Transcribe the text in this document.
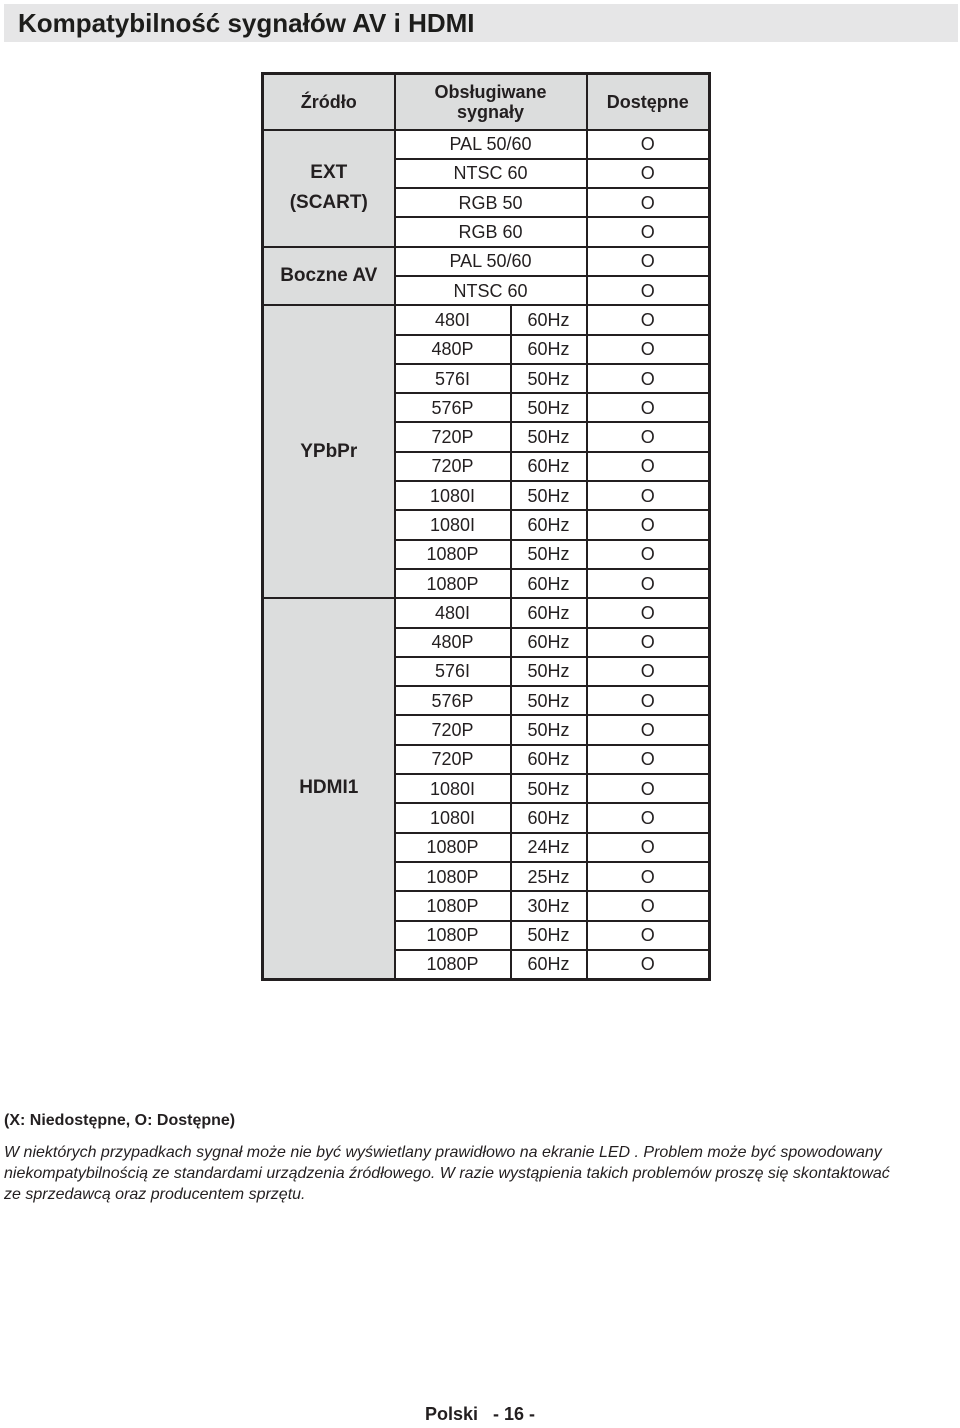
Kompatybilność sygnałów AV i HDMI
Źródło	Obsługiwane sygnały		Dostępne

EXT
(SCART)	PAL 50/60		O
	NTSC 60		O
	RGB 50		O
	RGB 60		O

Boczne AV	PAL 50/60		O
	NTSC 60		O

YPbPr	480I	60Hz	O
	480P	60Hz	O
	576I	50Hz	O
	576P	50Hz	O
	720P	50Hz	O
	720P	60Hz	O
	1080I	50Hz	O
	1080I	60Hz	O
	1080P	50Hz	O
	1080P	60Hz	O

HDMI1	480I	60Hz	O
	480P	60Hz	O
	576I	50Hz	O
	576P	50Hz	O
	720P	50Hz	O
	720P	60Hz	O
	1080I	50Hz	O
	1080I	60Hz	O
	1080P	24Hz	O
	1080P	25Hz	O
	1080P	30Hz	O
	1080P	50Hz	O
	1080P	60Hz	O
(X: Niedostępne, O: Dostępne)
W niektórych przypadkach sygnał może nie być wyświetlany prawidłowo na ekranie LED . Problem może być spowodowany
niekompatybilnością ze standardami urządzenia źródłowego. W razie wystąpienia takich problemów proszę się skontaktować
ze sprzedawcą oraz producentem sprzętu.
Polski - 16 -
